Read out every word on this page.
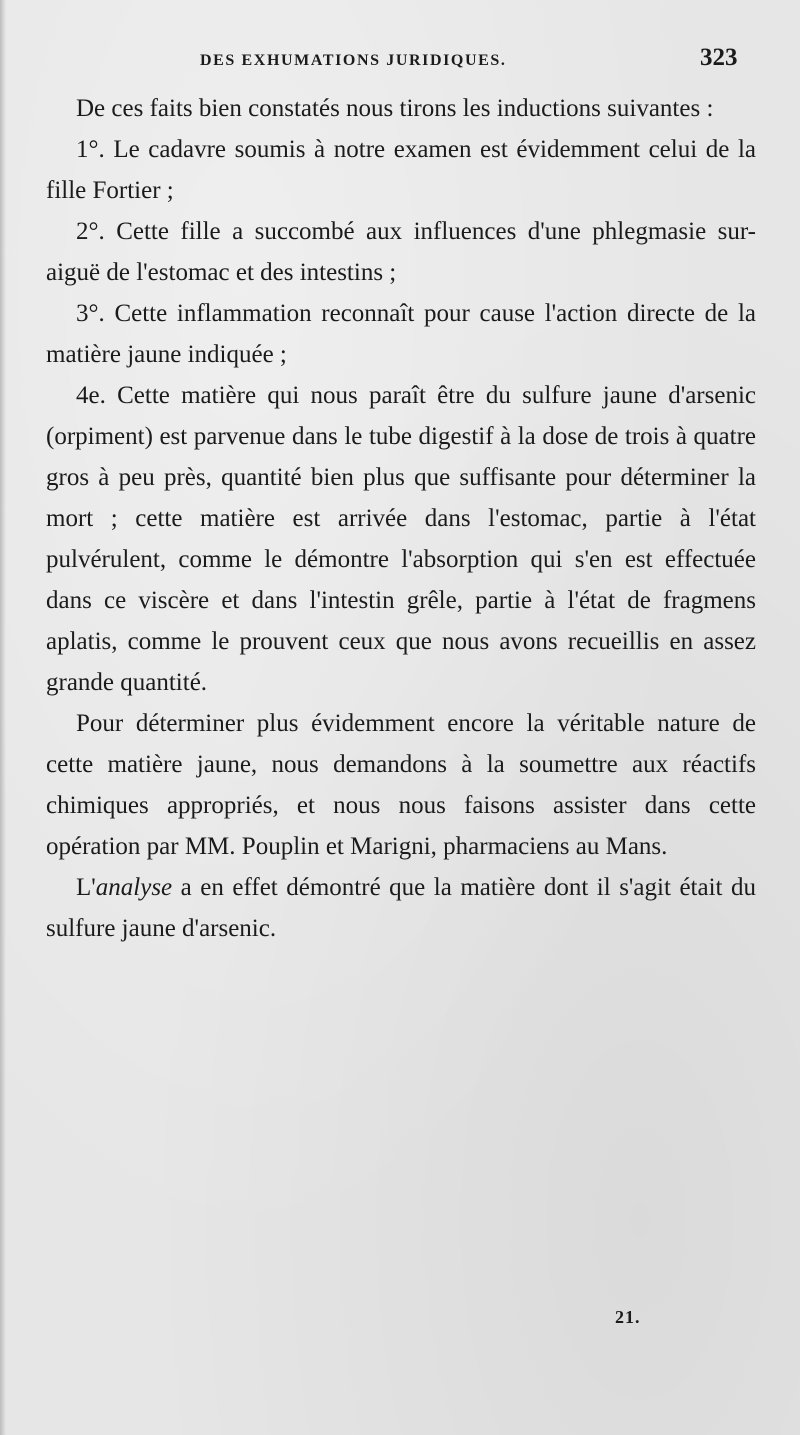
DES EXHUMATIONS JURIDIQUES.	323

De ces faits bien constatés nous tirons les inductions suivantes :

1°. Le cadavre soumis à notre examen est évidemment celui de la fille Fortier ;

2°. Cette fille a succombé aux influences d'une phlegmasie sur-aiguë de l'estomac et des intestins ;

3°. Cette inflammation reconnaît pour cause l'action directe de la matière jaune indiquée ;

4e. Cette matière qui nous paraît être du sulfure jaune d'arsenic (orpiment) est parvenue dans le tube digestif à la dose de trois à quatre gros à peu près, quantité bien plus que suffisante pour déterminer la mort ; cette matière est arrivée dans l'estomac, partie à l'état pulvérulent, comme le démontre l'absorption qui s'en est effectuée dans ce viscère et dans l'intestin grêle, partie à l'état de fragmens aplatis, comme le prouvent ceux que nous avons recueillis en assez grande quantité.

Pour déterminer plus évidemment encore la véritable nature de cette matière jaune, nous demandons à la soumettre aux réactifs chimiques appropriés, et nous nous faisons assister dans cette opération par MM. Pouplin et Marigni, pharmaciens au Mans.

L'analyse a en effet démontré que la matière dont il s'agit était du sulfure jaune d'arsenic.

21.
